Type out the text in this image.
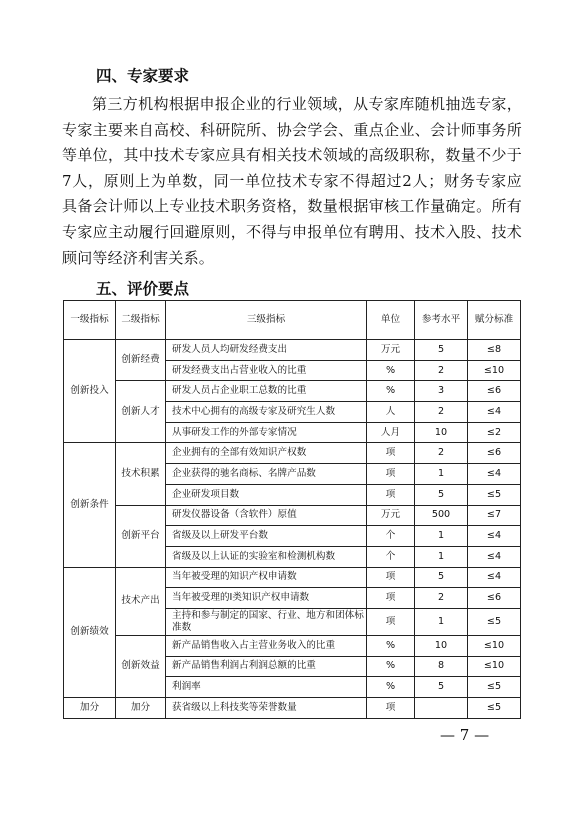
四、专家要求
第三方机构根据申报企业的行业领域，从专家库随机抽选专家，专家主要来自高校、科研院所、协会学会、重点企业、会计师事务所等单位，其中技术专家应具有相关技术领域的高级职称，数量不少于7人，原则上为单数，同一单位技术专家不得超过2人；财务专家应具备会计师以上专业技术职务资格，数量根据审核工作量确定。所有专家应主动履行回避原则，不得与申报单位有聘用、技术入股、技术顾问等经济利害关系。
五、评价要点
一级指标	二级指标	三级指标	单位	参考水平	赋分标准
创新投入	创新经费	研发人员人均研发经费支出	万元	5	≤8
		研发经费支出占营业收入的比重	%	2	≤10
	创新人才	研发人员占企业职工总数的比重	%	3	≤6
		技术中心拥有的高级专家及研究生人数	人	2	≤4
		从事研发工作的外部专家情况	人月	10	≤2
创新条件	技术积累	企业拥有的全部有效知识产权数	项	2	≤6
		企业获得的驰名商标、名牌产品数	项	1	≤4
		企业研发项目数	项	5	≤5
	创新平台	研发仪器设备（含软件）原值	万元	500	≤7
		省级及以上研发平台数	个	1	≤4
		省级及以上认证的实验室和检测机构数	个	1	≤4
创新绩效	技术产出	当年被受理的知识产权申请数	项	5	≤4
		当年被受理的Ⅰ类知识产权申请数	项	2	≤6
		主持和参与制定的国家、行业、地方和团体标准数	项	1	≤5
	创新效益	新产品销售收入占主营业务收入的比重	%	10	≤10
		新产品销售利润占利润总额的比重	%	8	≤10
		利润率	%	5	≤5
加分	加分	获省级以上科技奖等荣誉数量	项		≤5
— 7 —
